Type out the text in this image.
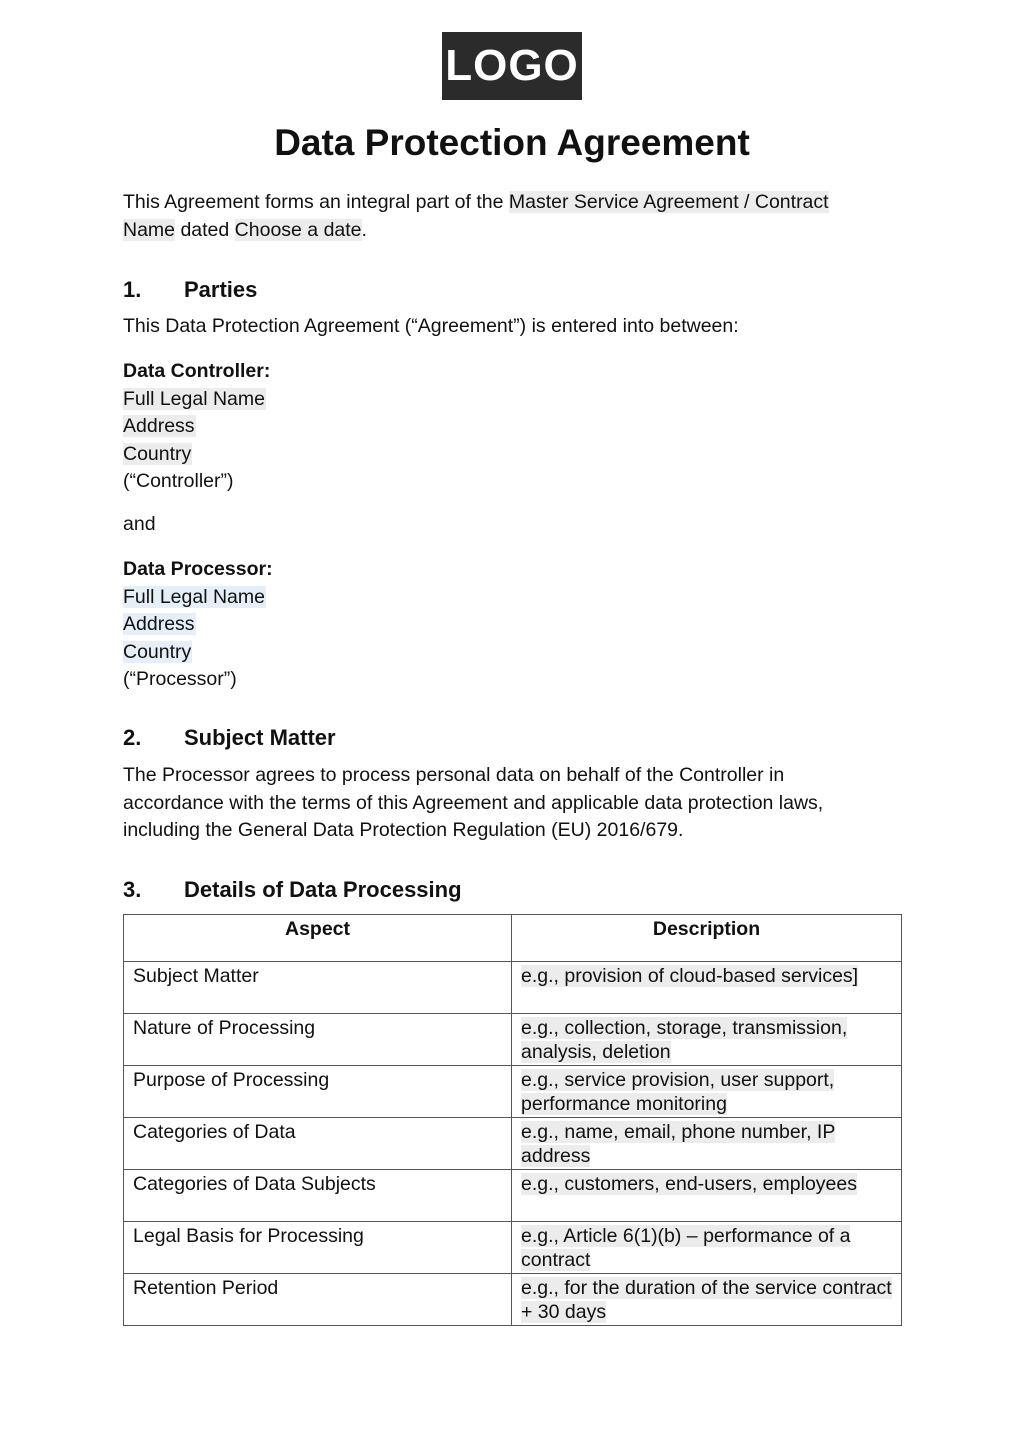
LOGO
Data Protection Agreement

This Agreement forms an integral part of the Master Service Agreement / Contract
Name dated Choose a date.

1. Parties

This Data Protection Agreement (“Agreement”) is entered into between:

Data Controller:
Full Legal Name
Address
Country
(“Controller”)
and
Data Processor:
Full Legal Name
Address
Country
(“Processor”)
2. Subject Matter

The Processor agrees to process personal data on behalf of the Controller in accordance with the terms of this Agreement and applicable data protection laws, including the General Data Protection Regulation (EU) 2016/679.

3. Details of Data Processing
Aspect	Description
Subject Matter	e.g., provision of cloud-based services]
Nature of Processing	e.g., collection, storage, transmission, analysis, deletion
Purpose of Processing	e.g., service provision, user support, performance monitoring
Categories of Data	e.g., name, email, phone number, IP address
Categories of Data Subjects	e.g., customers, end-users, employees
Legal Basis for Processing	e.g., Article 6(1)(b) – performance of a contract
Retention Period	e.g., for the duration of the service contract + 30 days
